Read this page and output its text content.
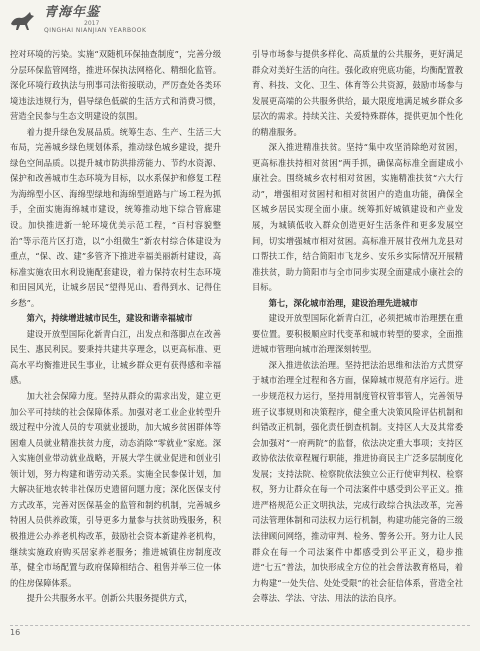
青海年鉴
2017
QINGHAI NIANJIAN YEARBOOK

控对环境的污染。实施“双随机环保抽查制度”，完善分级分层环保监管网络，推进环保执法网格化、精细化监管。深化环境行政执法与刑事司法衔接联动，严厉查处各类环境违法违规行为，倡导绿色低碳的生活方式和消费习惯，营造全民参与生态文明建设的氛围。

着力提升绿色发展品质。统筹生态、生产、生活三大布局，完善城乡绿色规划体系，推动绿色城乡建设，提升绿色空间品质。以提升城市防洪排涝能力、节约水资源、保护和改善城市生态环境为目标，以水系保护和修复工程为海绵型小区、海绵型绿地和海绵型道路与广场工程为抓手，全面实施海绵城市建设，统筹推动地下综合管廊建设。加快推进新一轮环境优美示范工程，“百村容貌整治”等示范片区打造，以“小组微生”新农村综合体建设为重点，“保、改、建”多管齐下推进幸福美丽新村建设，高标准实施农田水利设施配套建设，着力保持农村生态环境和田园风光，让城乡居民“望得见山、看得到水、记得住乡愁”。

第六，持续增进城市民生，建设和谐幸福城市

建设开放型国际化新青白江，出发点和落脚点在改善民生、惠民利民。要秉持共建共享理念，以更高标准、更高水平均衡推进民生事业，让城乡群众更有获得感和幸福感。

加大社会保障力度。坚持从群众的需求出发，建立更加公平可持续的社会保障体系。加强对老工业企业转型升级过程中分流人员的专项就业援助，加大城乡贫困群体等困难人员就业精准扶贫力度，动态消除“零就业”家庭。深入实施创业带动就业战略，开展大学生就业促进和创业引领计划，努力构建和谐劳动关系。实施全民参保计划，加大解决征地农转非社保历史遗留问题力度；深化医保支付方式改革，完善对医保基金的监管和制约机制，完善城乡特困人员供养政策，引导更多力量参与扶贫助残服务，积极推进公办养老机构改革，鼓励社会资本新建养老机构，继续实施政府购买居家养老服务；推进城镇住房制度改革，健全市场配置与政府保障相结合、租售并举三位一体的住房保障体系。

提升公共服务水平。创新公共服务提供方式，

引导市场参与提供多样化、高质量的公共服务，更好满足群众对美好生活的向往。强化政府兜底功能，均衡配置教育、科技、文化、卫生、体育等公共资源，鼓励市场参与发展更高端的公共服务供给，最大限度地满足城乡群众多层次的需求。持续关注、关爱特殊群体，提供更加个性化的精准服务。

深入推进精准扶贫。坚持“集中攻坚消除绝对贫困，更高标准扶持相对贫困”两手抓，确保高标准全面建成小康社会。围绕城乡农村相对贫困，实施精准扶贫“六大行动”，增强相对贫困村和相对贫困户的造血功能，确保全区城乡居民实现全面小康。统筹抓好城镇建设和产业发展，为城镇低收入群众创造更好生活条件和更多发展空间，切实增强城市相对贫困。高标准开展甘孜州九龙县对口帮扶工作，结合简阳市飞龙乡、安乐乡实际情况开展精准扶贫，助力简阳市与全市同步实现全面建成小康社会的目标。

第七，深化城市治理，建设治理先进城市

建设开放型国际化新青白江，必须把城市治理摆在重要位置。要积极顺应时代变革和城市转型的要求，全面推进城市管理向城市治理深刻转型。

深入推进依法治理。坚持把法治思维和法治方式贯穿于城市治理全过程和各方面，保障城市规范有序运行。进一步规范权力运行，坚持用制度管权管事管人，完善领导班子议事规则和决策程序，健全重大决策风险评估机制和纠错改正机制，强化责任倒查机制。支持区人大及其常委会加强对“一府两院”的监督，依法决定重大事项；支持区政协依法依章程履行职能，推进协商民主广泛多层制度化发展；支持法院、检察院依法独立公正行使审判权、检察权，努力让群众在每一个司法案件中感受到公平正义。推进严格规范公正文明执法，完成行政综合执法改革，完善司法管理体制和司法权力运行机制，构建功能完备的三级法律顾问网络，推动审判、检务、警务公开。努力让人民群众在每一个司法案件中都感受到公平正义，稳步推进“七五”普法，加快形成全方位的社会普法教育格局，着力构建“一处失信、处处受限”的社会征信体系，营造全社会尊法、学法、守法、用法的法治良序。

16
